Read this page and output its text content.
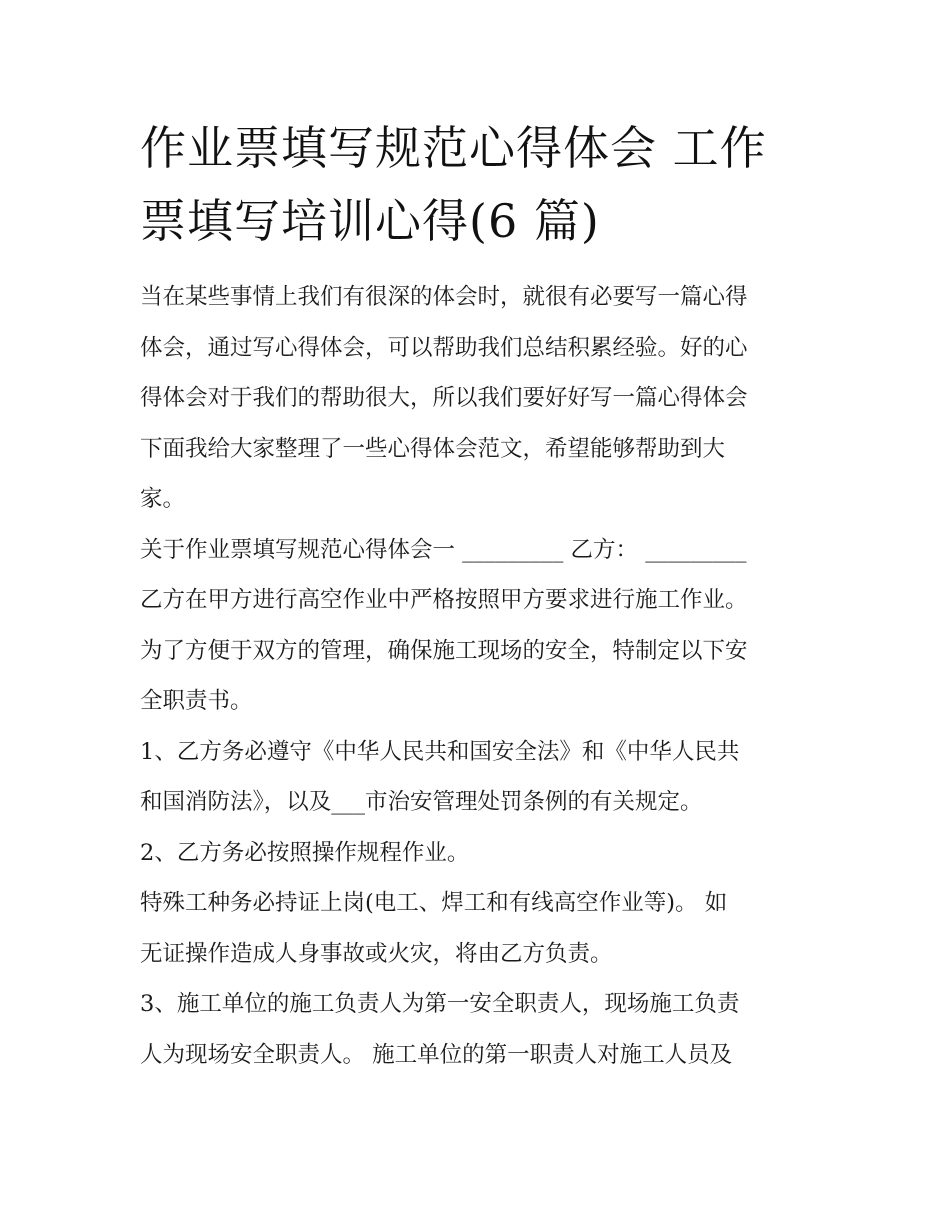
作业票填写规范心得体会 工作
票填写培训心得(6 篇)

当在某些事情上我们有很深的体会时，就很有必要写一篇心得
体会，通过写心得体会，可以帮助我们总结积累经验。好的心
得体会对于我们的帮助很大，所以我们要好好写一篇心得体会
下面我给大家整理了一些心得体会范文，希望能够帮助到大
家。

关于作业票填写规范心得体会一 _________ 乙方： _________
乙方在甲方进行高空作业中严格按照甲方要求进行施工作业。
为了方便于双方的管理，确保施工现场的安全，特制定以下安
全职责书。

1、乙方务必遵守《中华人民共和国安全法》和《中华人民共
和国消防法》，以及___市治安管理处罚条例的有关规定。

2、乙方务必按照操作规程作业。

特殊工种务必持证上岗(电工、焊工和有线高空作业等)。 如
无证操作造成人身事故或火灾，将由乙方负责。

3、施工单位的施工负责人为第一安全职责人，现场施工负责
人为现场安全职责人。 施工单位的第一职责人对施工人员及
